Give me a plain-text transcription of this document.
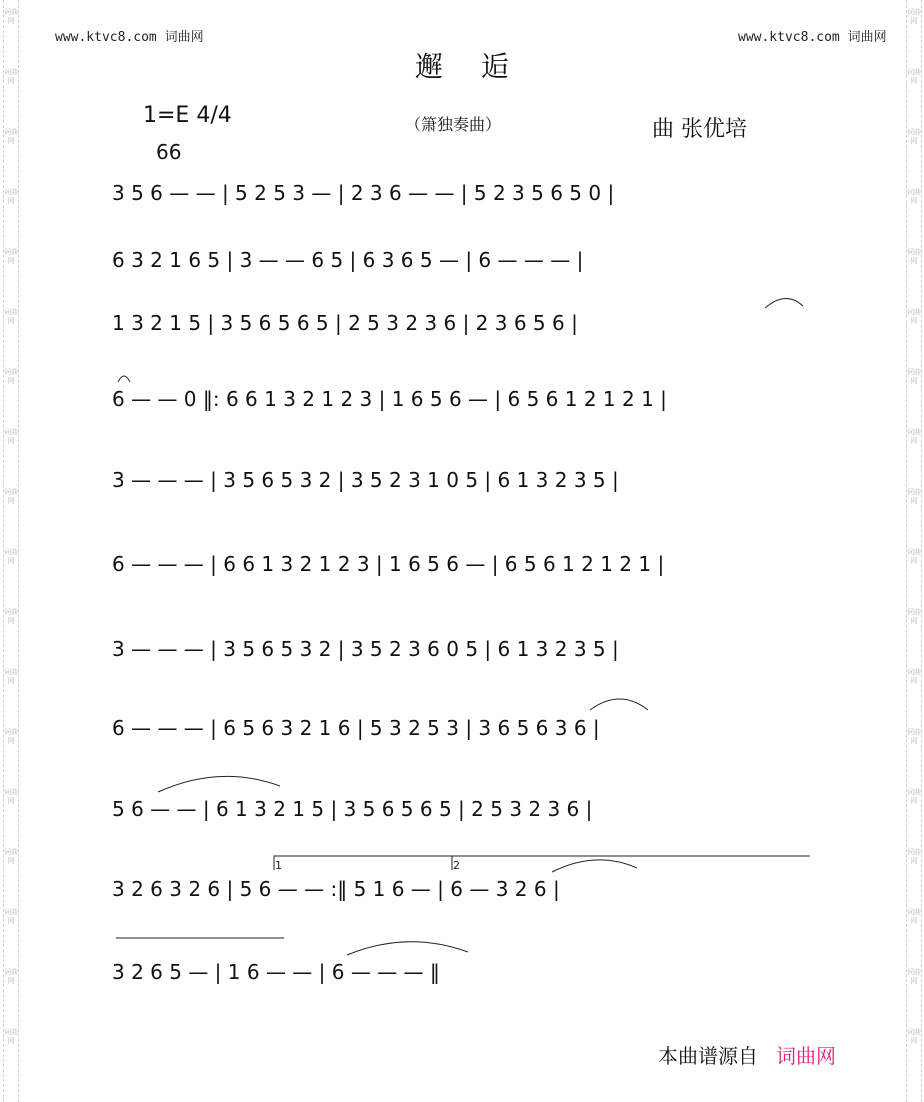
词曲网
词曲网
词曲网
词曲网
词曲网
词曲网
词曲网
词曲网
词曲网
词曲网
词曲网
词曲网
词曲网
词曲网
词曲网
词曲网
词曲网
词曲网
词曲网
词曲网
词曲网
词曲网
词曲网
词曲网
词曲网
词曲网
词曲网
词曲网
词曲网
词曲网
词曲网
词曲网
词曲网
词曲网
词曲网
词曲网
www.ktvc8.com 词曲网	www.ktvc8.com 词曲网
邂逅
1=E 4/4
66
（箫独奏曲）	曲 张优培
3 5 6 — — | 5 2 5 3 — | 2 3 6 — — | 5 2 3 5 6 5 0 |
6 3 2 1 6 5 | 3 — — 6 5 | 6 3 6 5 — | 6 — — — |
1 3 2 1 5 | 3 5 6 5 6 5 | 2 5 3 2 3 6 | 2 3 6 5 6 |
6 — — 0 ‖: 6 6 1 3 2 1 2 3 | 1 6 5 6 — | 6 5 6 1 2 1 2 1 |
3 — — — | 3 5 6 5 3 2 | 3 5 2 3 1 0 5 | 6 1 3 2 3 5 |
6 — — — | 6 6 1 3 2 1 2 3 | 1 6 5 6 — | 6 5 6 1 2 1 2 1 |
3 — — — | 3 5 6 5 3 2 | 3 5 2 3 6 0 5 | 6 1 3 2 3 5 |
6 — — — | 6 5 6 3 2 1 6 | 5 3 2 5 3 | 3 6 5 6 3 6 |
5 6 — — | 6 1 3 2 1 5 | 3 5 6 5 6 5 | 2 5 3 2 3 6 |
3 2 6 3 2 6 | 5 6 — — :‖ 5 1 6 — | 6 — 3 2 6 |
3 2 6 5 — | 1 6 — — | 6 — — — ‖
1	2
本曲谱源自 词曲网
